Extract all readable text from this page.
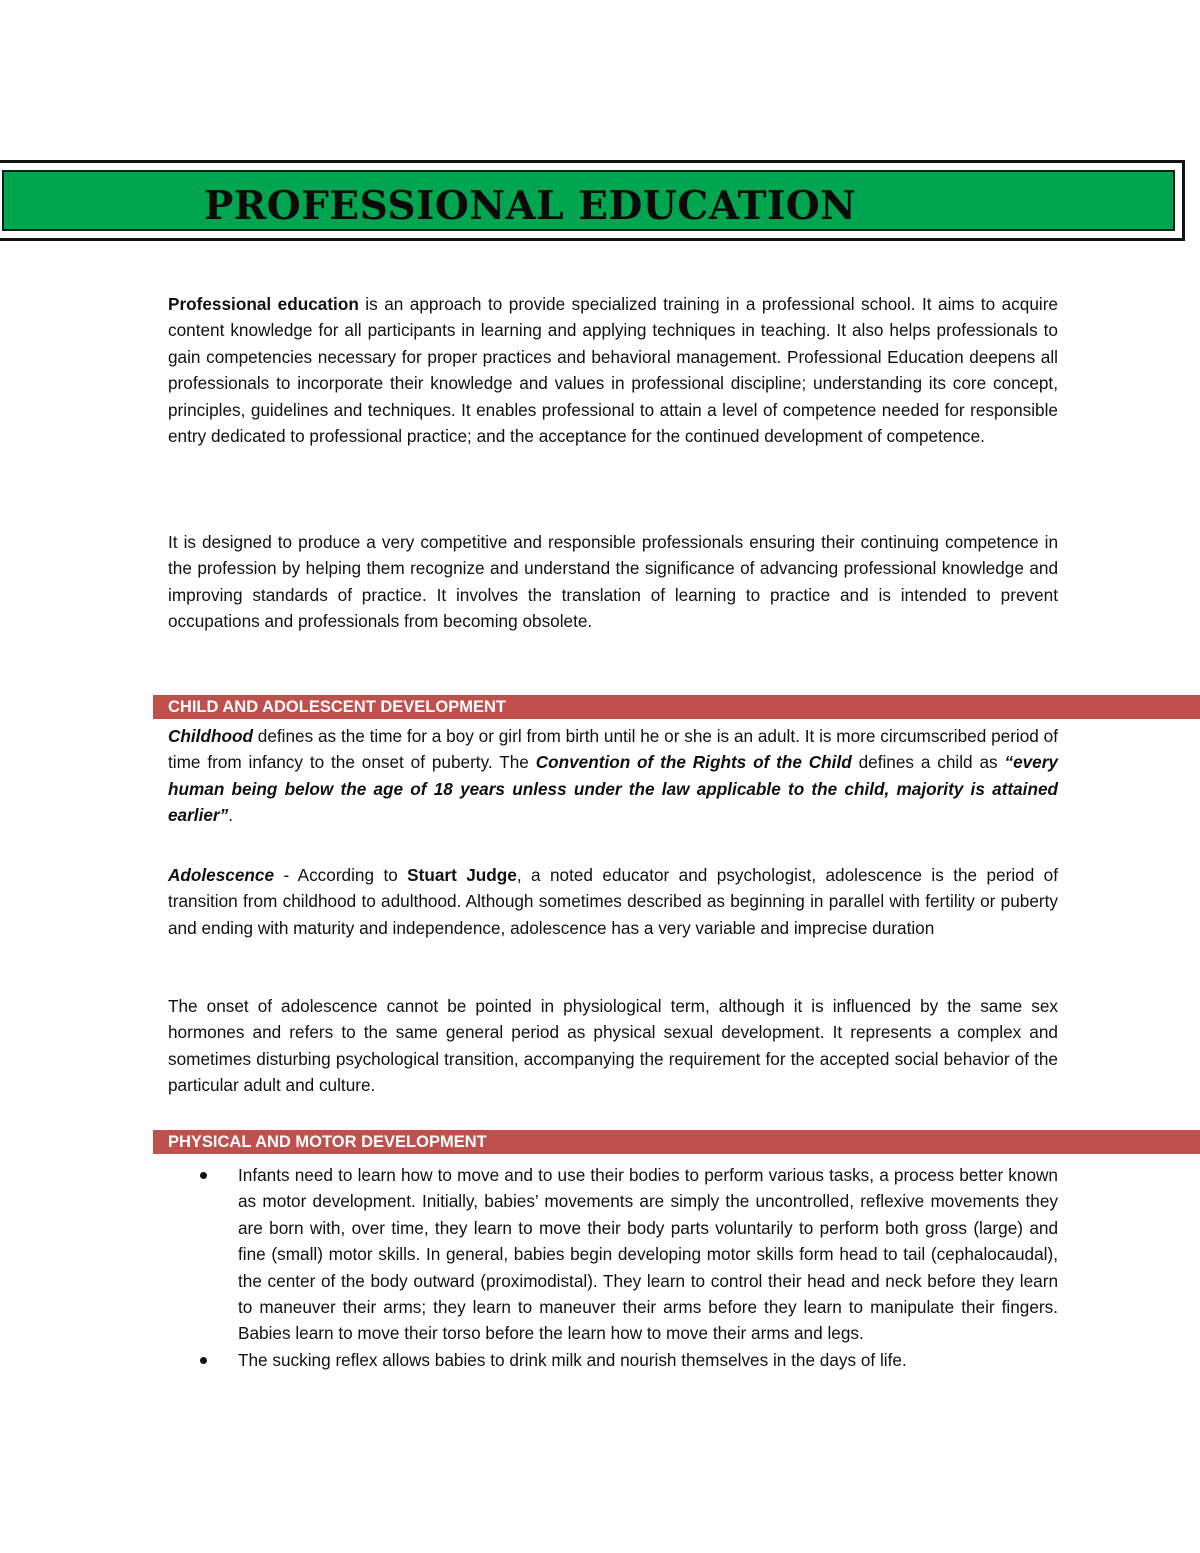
PROFESSIONAL EDUCATION

Professional education is an approach to provide specialized training in a professional school. It aims to acquire content knowledge for all participants in learning and applying techniques in teaching. It also helps professionals to gain competencies necessary for proper practices and behavioral management. Professional Education deepens all professionals to incorporate their knowledge and values in professional discipline; understanding its core concept, principles, guidelines and techniques. It enables professional to attain a level of competence needed for responsible entry dedicated to professional practice; and the acceptance for the continued development of competence.

It is designed to produce a very competitive and responsible professionals ensuring their continuing competence in the profession by helping them recognize and understand the significance of advancing professional knowledge and improving standards of practice. It involves the translation of learning to practice and is intended to prevent occupations and professionals from becoming obsolete.

CHILD AND ADOLESCENT DEVELOPMENT

Childhood defines as the time for a boy or girl from birth until he or she is an adult. It is more circumscribed period of time from infancy to the onset of puberty. The Convention of the Rights of the Child defines a child as “every human being below the age of 18 years unless under the law applicable to the child, majority is attained earlier”.

Adolescence - According to Stuart Judge, a noted educator and psychologist, adolescence is the period of transition from childhood to adulthood. Although sometimes described as beginning in parallel with fertility or puberty and ending with maturity and independence, adolescence has a very variable and imprecise duration

The onset of adolescence cannot be pointed in physiological term, although it is influenced by the same sex hormones and refers to the same general period as physical sexual development. It represents a complex and sometimes disturbing psychological transition, accompanying the requirement for the accepted social behavior of the particular adult and culture.

PHYSICAL AND MOTOR DEVELOPMENT
Infants need to learn how to move and to use their bodies to perform various tasks, a process better known as motor development. Initially, babies’ movements are simply the uncontrolled, reflexive movements they are born with, over time, they learn to move their body parts voluntarily to perform both gross (large) and fine (small) motor skills. In general, babies begin developing motor skills form head to tail (cephalocaudal), the center of the body outward (proximodistal). They learn to control their head and neck before they learn to maneuver their arms; they learn to maneuver their arms before they learn to manipulate their fingers. Babies learn to move their torso before the learn how to move their arms and legs.
The sucking reflex allows babies to drink milk and nourish themselves in the days of life.
